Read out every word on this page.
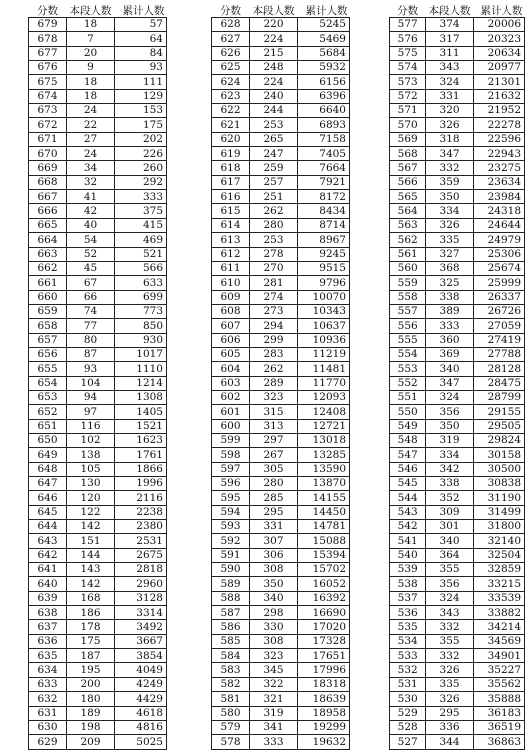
分数	本段人数	累计人数
679	18	57
678	7	64
677	20	84
676	9	93
675	18	111
674	18	129
673	24	153
672	22	175
671	27	202
670	24	226
669	34	260
668	32	292
667	41	333
666	42	375
665	40	415
664	54	469
663	52	521
662	45	566
661	67	633
660	66	699
659	74	773
658	77	850
657	80	930
656	87	1017
655	93	1110
654	104	1214
653	94	1308
652	97	1405
651	116	1521
650	102	1623
649	138	1761
648	105	1866
647	130	1996
646	120	2116
645	122	2238
644	142	2380
643	151	2531
642	144	2675
641	143	2818
640	142	2960
639	168	3128
638	186	3314
637	178	3492
636	175	3667
635	187	3854
634	195	4049
633	200	4249
632	180	4429
631	189	4618
630	198	4816
629	209	5025
分数	本段人数	累计人数
628	220	5245
627	224	5469
626	215	5684
625	248	5932
624	224	6156
623	240	6396
622	244	6640
621	253	6893
620	265	7158
619	247	7405
618	259	7664
617	257	7921
616	251	8172
615	262	8434
614	280	8714
613	253	8967
612	278	9245
611	270	9515
610	281	9796
609	274	10070
608	273	10343
607	294	10637
606	299	10936
605	283	11219
604	262	11481
603	289	11770
602	323	12093
601	315	12408
600	313	12721
599	297	13018
598	267	13285
597	305	13590
596	280	13870
595	285	14155
594	295	14450
593	331	14781
592	307	15088
591	306	15394
590	308	15702
589	350	16052
588	340	16392
587	298	16690
586	330	17020
585	308	17328
584	323	17651
583	345	17996
582	322	18318
581	321	18639
580	319	18958
579	341	19299
578	333	19632
分数	本段人数	累计人数
577	374	20006
576	317	20323
575	311	20634
574	343	20977
573	324	21301
572	331	21632
571	320	21952
570	326	22278
569	318	22596
568	347	22943
567	332	23275
566	359	23634
565	350	23984
564	334	24318
563	326	24644
562	335	24979
561	327	25306
560	368	25674
559	325	25999
558	338	26337
557	389	26726
556	333	27059
555	360	27419
554	369	27788
553	340	28128
552	347	28475
551	324	28799
550	356	29155
549	350	29505
548	319	29824
547	334	30158
546	342	30500
545	338	30838
544	352	31190
543	309	31499
542	301	31800
541	340	32140
540	364	32504
539	355	32859
538	356	33215
537	324	33539
536	343	33882
535	332	34214
534	355	34569
533	332	34901
532	326	35227
531	335	35562
530	326	35888
529	295	36183
528	336	36519
527	344	36863
